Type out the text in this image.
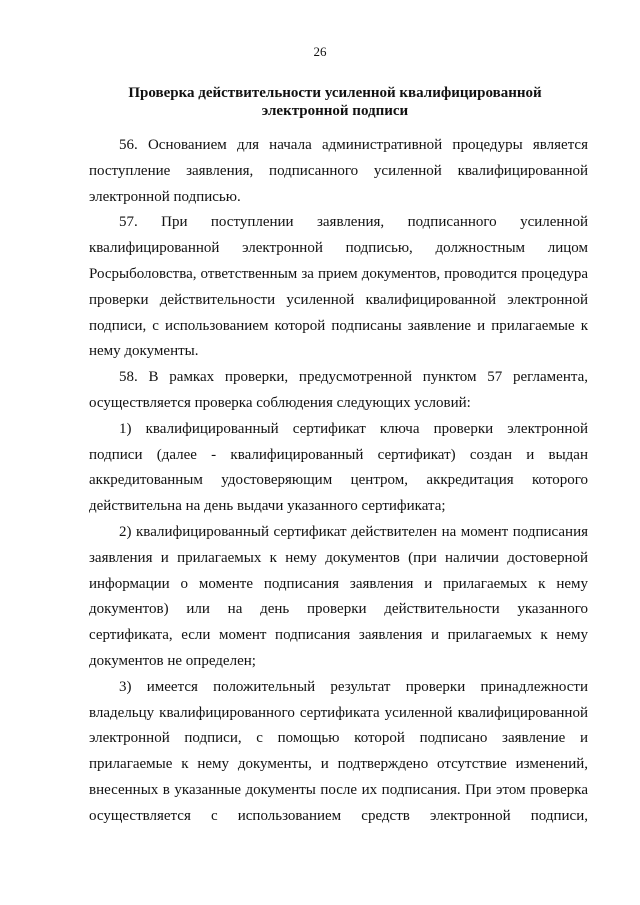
26
Проверка действительности усиленной квалифицированной
электронной подписи
56. Основанием для начала административной процедуры является
поступление заявления, подписанного усиленной квалифицированной
электронной подписью.
57. При поступлении заявления, подписанного усиленной
квалифицированной электронной подписью, должностным лицом
Росрыболовства, ответственным за прием документов, проводится процедура
проверки действительности усиленной квалифицированной электронной
подписи, с использованием которой подписаны заявление и прилагаемые к
нему документы.
58. В рамках проверки, предусмотренной пунктом 57 регламента,
осуществляется проверка соблюдения следующих условий:
1) квалифицированный сертификат ключа проверки электронной
подписи (далее - квалифицированный сертификат) создан и выдан
аккредитованным удостоверяющим центром, аккредитация которого
действительна на день выдачи указанного сертификата;
2) квалифицированный сертификат действителен на момент подписания
заявления и прилагаемых к нему документов (при наличии достоверной
информации о моменте подписания заявления и прилагаемых к нему
документов) или на день проверки действительности указанного
сертификата, если момент подписания заявления и прилагаемых к нему
документов не определен;
3) имеется положительный результат проверки принадлежности
владельцу квалифицированного сертификата усиленной квалифицированной
электронной подписи, с помощью которой подписано заявление и
прилагаемые к нему документы, и подтверждено отсутствие изменений,
внесенных в указанные документы после их подписания. При этом проверка
осуществляется с использованием средств электронной подписи,
